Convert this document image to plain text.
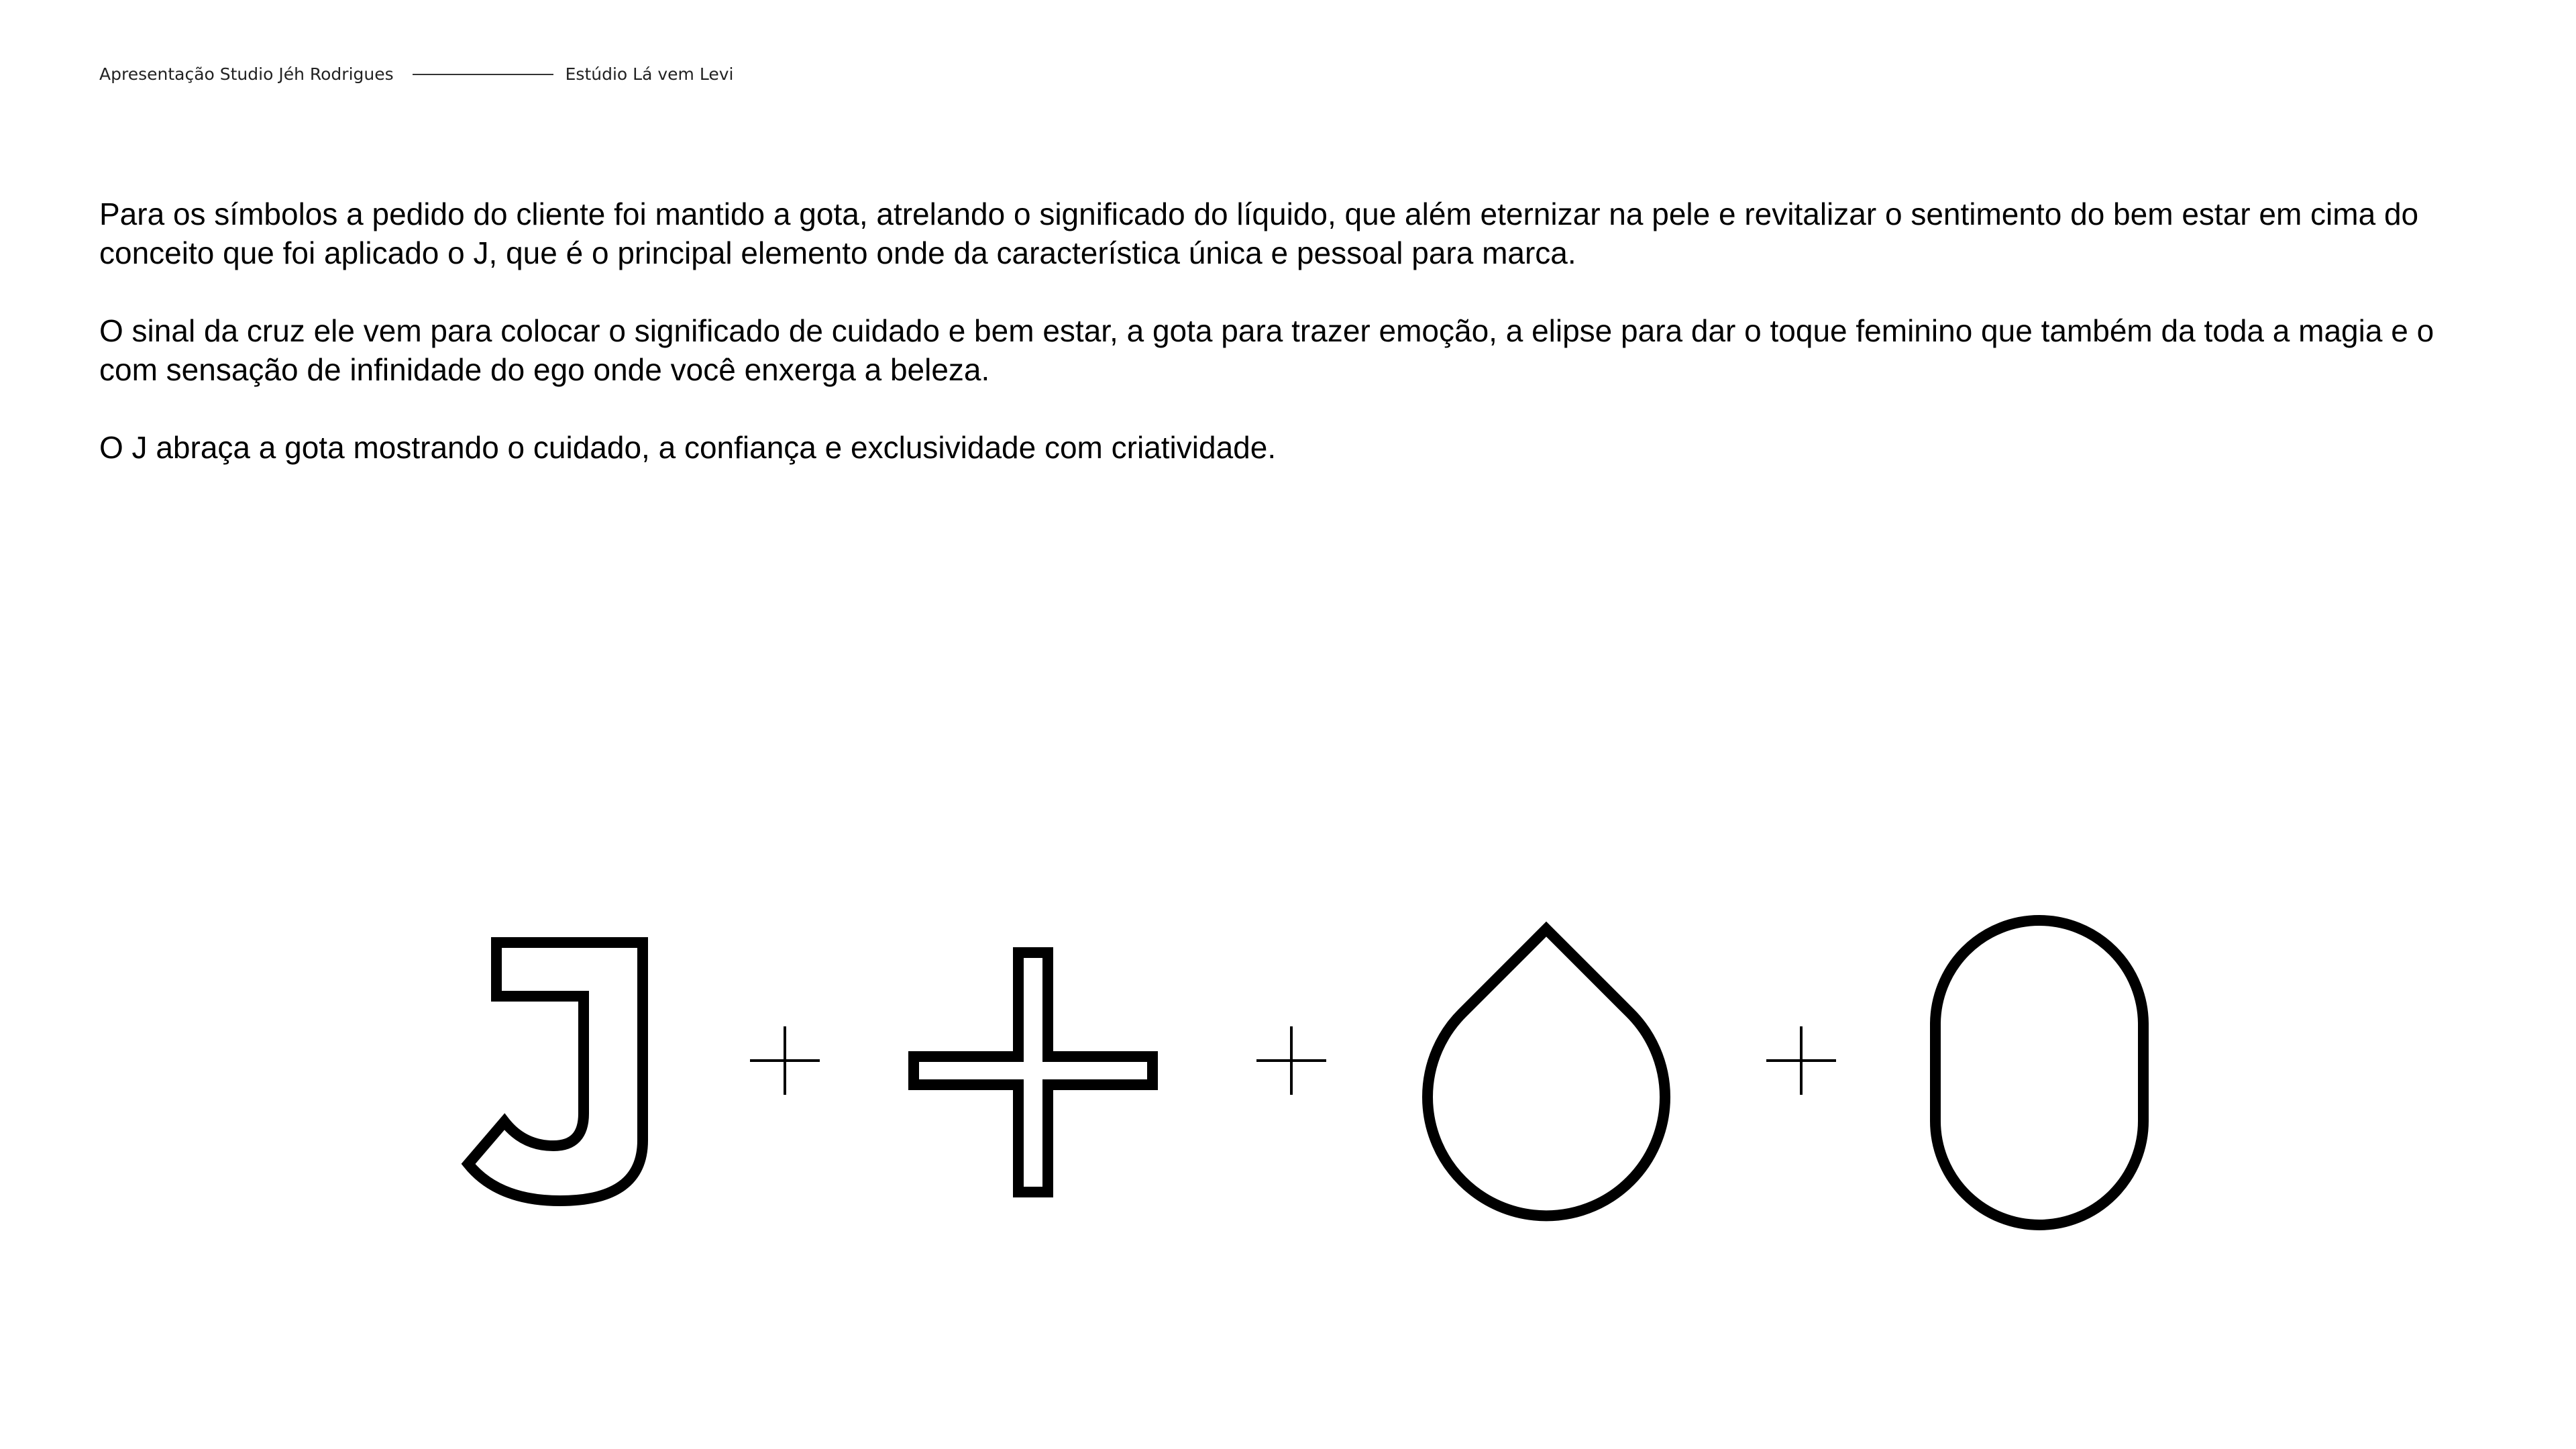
Apresentação Studio Jéh Rodrigues	Estúdio Lá vem Levi

Para os símbolos a pedido do cliente foi mantido a gota, atrelando o significado do líquido, que além eternizar na pele e revitalizar o sentimento do bem estar em cima do conceito que foi aplicado o J, que é o principal elemento onde da característica única e pessoal para marca.

O sinal da cruz ele vem para colocar o significado de cuidado e bem estar, a gota para trazer emoção, a elipse para dar o toque feminino que também da toda a magia e o com sensação de infinidade do ego onde você enxerga a beleza.

O J abraça a gota mostrando o cuidado, a confiança e exclusividade com criatividade.
